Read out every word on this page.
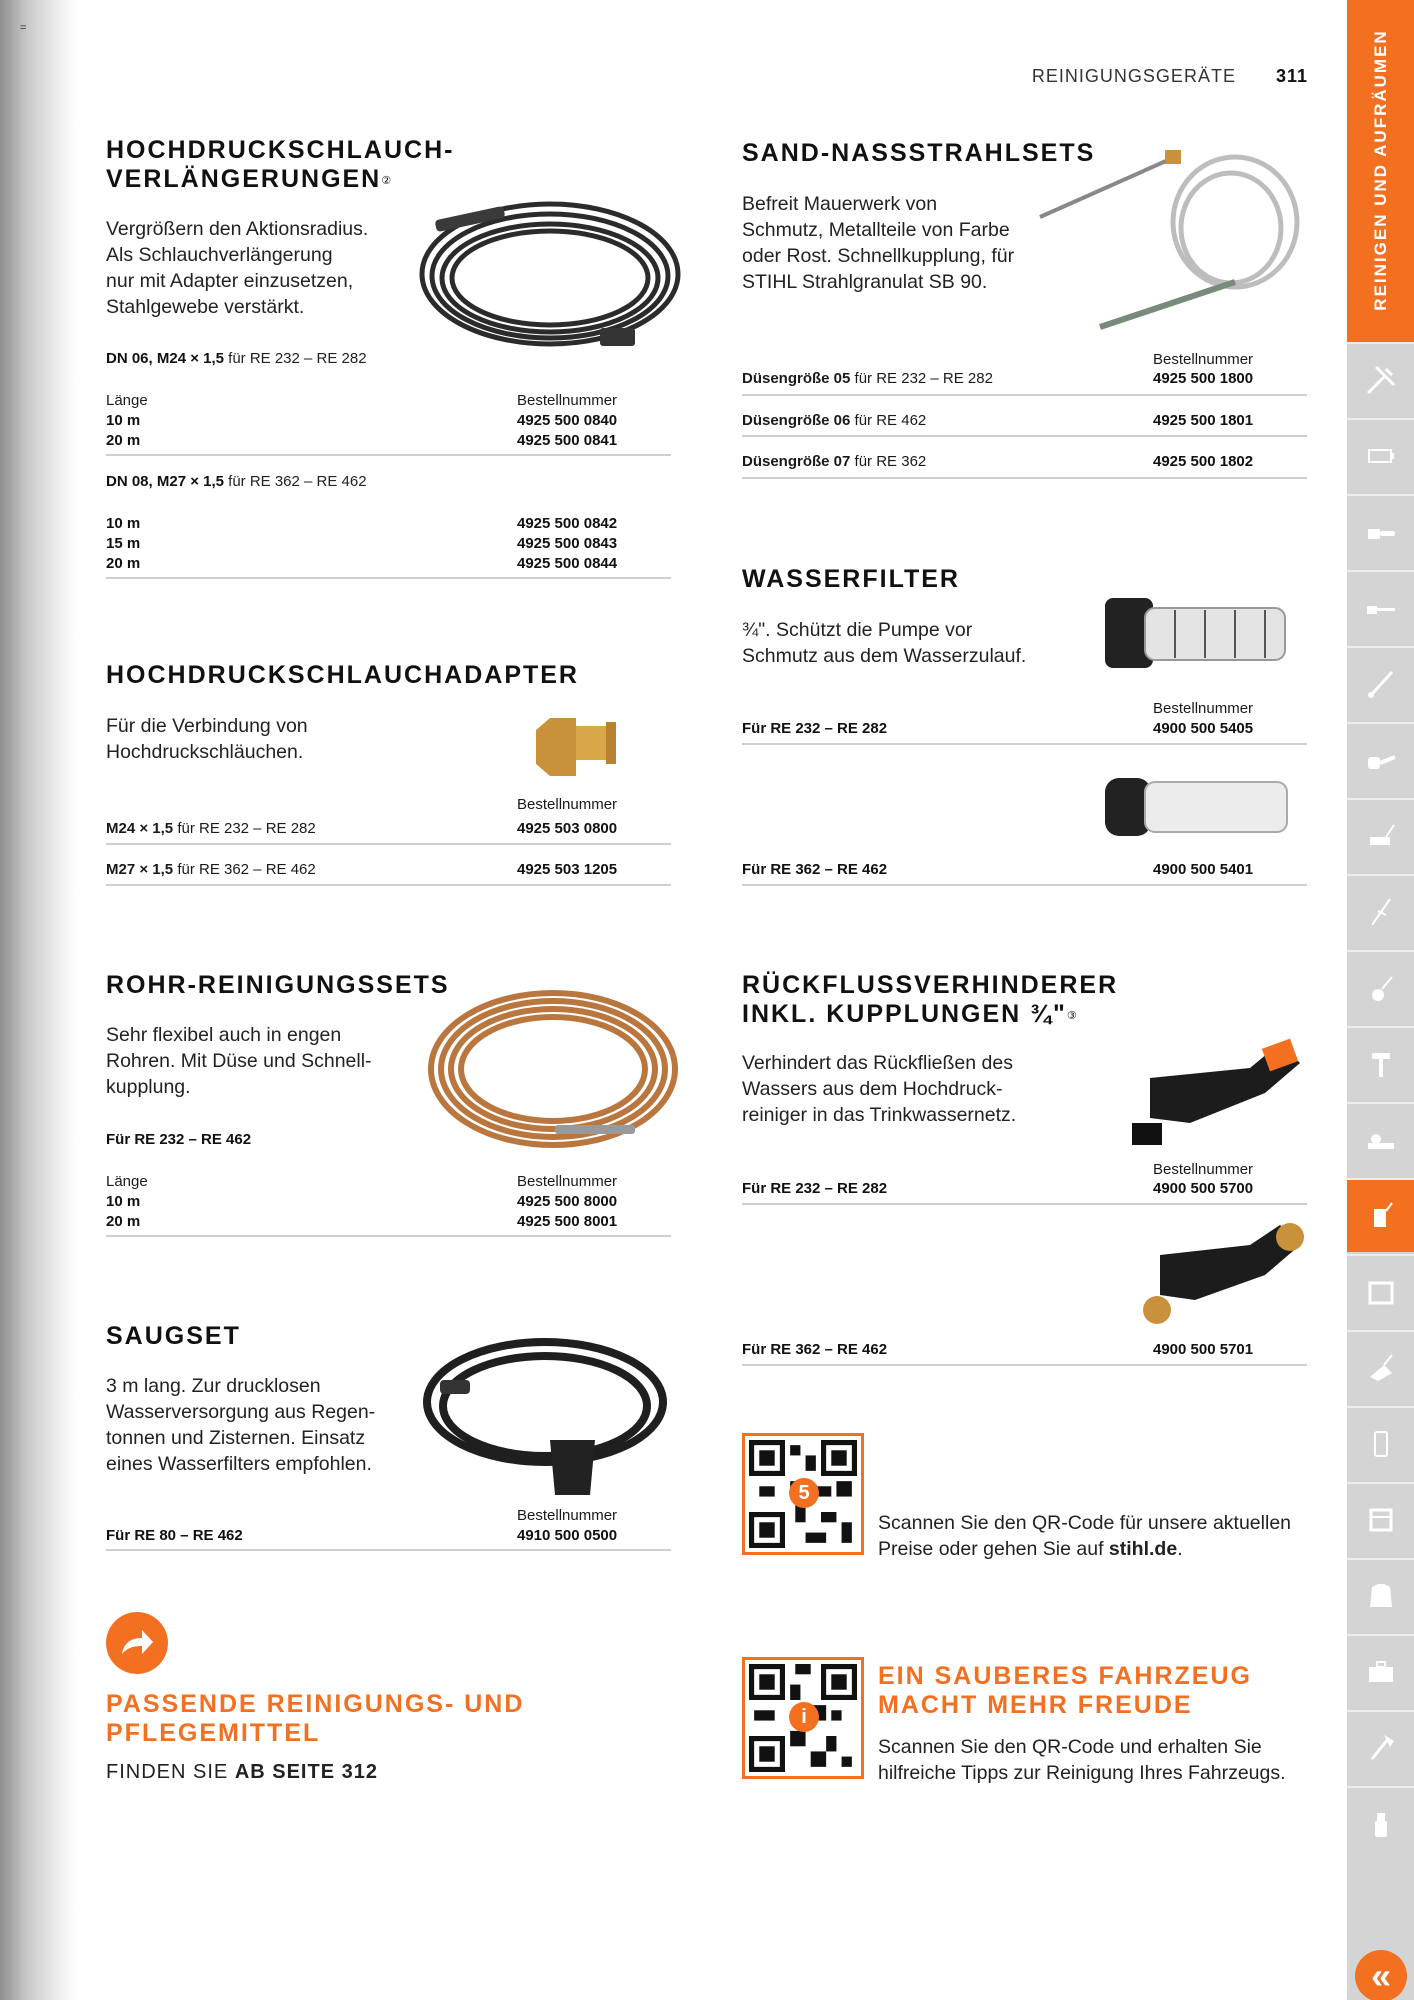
=
REINIGUNGSGERÄTE 311
HOCHDRUCKSCHLAUCH-
VERLÄNGERUNGEN②
Vergrößern den Aktionsradius.
Als Schlauchverlängerung
nur mit Adapter einzusetzen,
Stahlgewebe verstärkt.
DN 06, M24 × 1,5 für RE 232 – RE 282
Länge	Bestellnummer
10 m	4925 500 0840
20 m	4925 500 0841
DN 08, M27 × 1,5 für RE 362 – RE 462
10 m	4925 500 0842
15 m	4925 500 0843
20 m	4925 500 0844
HOCHDRUCKSCHLAUCHADAPTER
Für die Verbindung von
Hochdruckschläuchen.
Bestellnummer
M24 × 1,5 für RE 232 – RE 282	4925 503 0800
M27 × 1,5 für RE 362 – RE 462	4925 503 1205
ROHR-REINIGUNGSSETS
Sehr flexibel auch in engen
Rohren. Mit Düse und Schnell-
kupplung.
Für RE 232 – RE 462
Länge	Bestellnummer
10 m	4925 500 8000
20 m	4925 500 8001
SAUGSET
3 m lang. Zur drucklosen
Wasserversorgung aus Regen-
tonnen und Zisternen. Einsatz
eines Wasserfilters empfohlen.
Bestellnummer
Für RE 80 – RE 462	4910 500 0500
PASSENDE REINIGUNGS- UND
PFLEGEMITTEL
FINDEN SIE AB SEITE 312
SAND-NASSSTRAHLSETS
Befreit Mauerwerk von
Schmutz, Metallteile von Farbe
oder Rost. Schnellkupplung, für
STIHL Strahlgranulat SB 90.
Bestellnummer
Düsengröße 05 für RE 232 – RE 282	4925 500 1800
Düsengröße 06 für RE 462	4925 500 1801
Düsengröße 07 für RE 362	4925 500 1802
WASSERFILTER
¾". Schützt die Pumpe vor
Schmutz aus dem Wasserzulauf.
Bestellnummer
Für RE 232 – RE 282	4900 500 5405
Für RE 362 – RE 462	4900 500 5401
RÜCKFLUSSVERHINDERER
INKL. KUPPLUNGEN ¾"③
Verhindert das Rückfließen des
Wassers aus dem Hochdruck-
reiniger in das Trinkwassernetz.
Bestellnummer
Für RE 232 – RE 282	4900 500 5700
Für RE 362 – RE 462	4900 500 5701
5
Scannen Sie den QR-Code für unsere aktuellen
Preise oder gehen Sie auf stihl.de.
i
EIN SAUBERES FAHRZEUG
MACHT MEHR FREUDE
Scannen Sie den QR-Code und erhalten Sie
hilfreiche Tipps zur Reinigung Ihres Fahrzeugs.
REINIGEN UND AUFRÄUMEN
«
